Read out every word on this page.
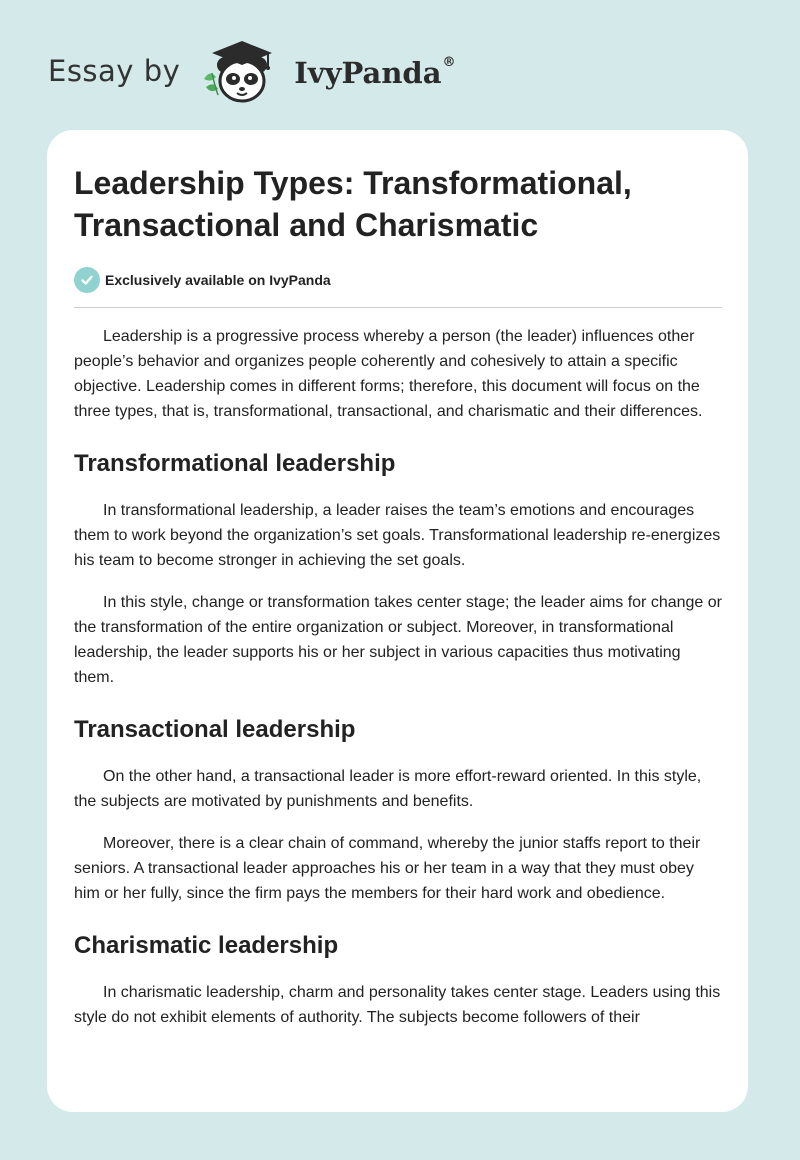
Essay by	IvyPanda®
Leadership Types: Transformational, Transactional and Charismatic
Exclusively available on IvyPanda

Leadership is a progressive process whereby a person (the leader) influences other people’s behavior and organizes people coherently and cohesively to attain a specific objective. Leadership comes in different forms; therefore, this document will focus on the three types, that is, transformational, transactional, and charismatic and their differences.

Transformational leadership

In transformational leadership, a leader raises the team’s emotions and encourages them to work beyond the organization’s set goals. Transformational leadership re-energizes his team to become stronger in achieving the set goals.

In this style, change or transformation takes center stage; the leader aims for change or the transformation of the entire organization or subject. Moreover, in transformational leadership, the leader supports his or her subject in various capacities thus motivating them.

Transactional leadership

On the other hand, a transactional leader is more effort-reward oriented. In this style, the subjects are motivated by punishments and benefits.

Moreover, there is a clear chain of command, whereby the junior staffs report to their seniors. A transactional leader approaches his or her team in a way that they must obey him or her fully, since the firm pays the members for their hard work and obedience.

Charismatic leadership

In charismatic leadership, charm and personality takes center stage. Leaders using this style do not exhibit elements of authority. The subjects become followers of their
